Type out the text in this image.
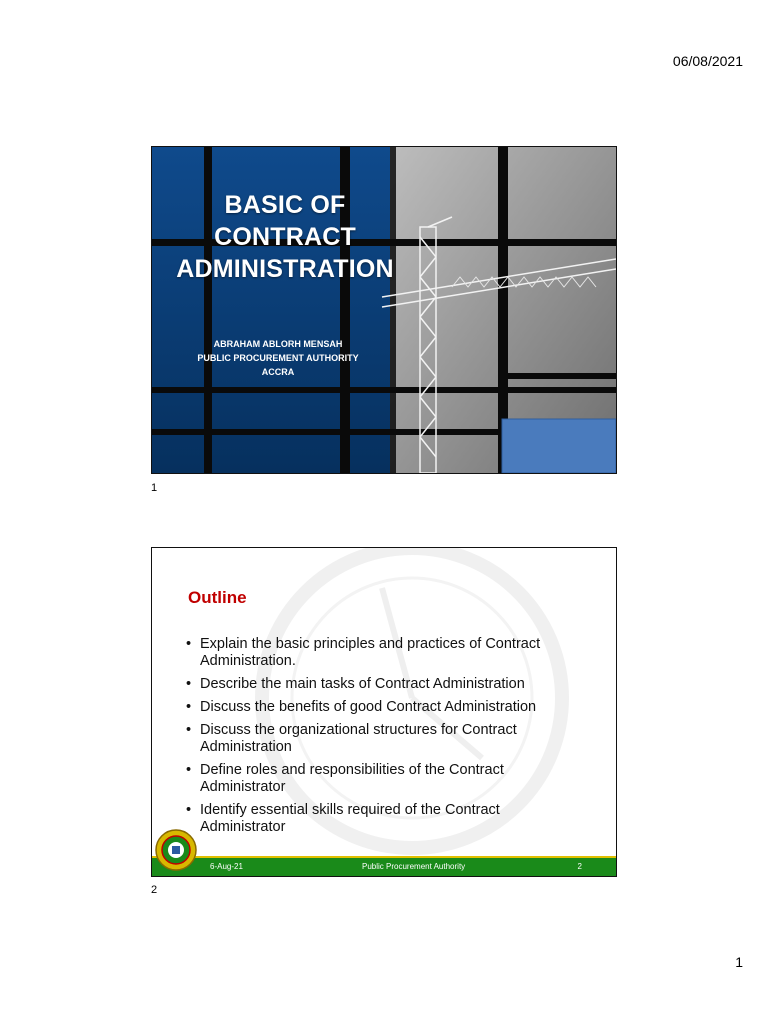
06/08/2021
BASIC OF
CONTRACT
ADMINISTRATION
ABRAHAM ABLORH MENSAH
PUBLIC PROCUREMENT AUTHORITY
ACCRA
1
Outline
• Explain the basic principles and practices of Contract Administration.
• Describe the main tasks of Contract Administration
• Discuss the benefits of good Contract Administration
• Discuss the organizational structures for Contract Administration
• Define roles and responsibilities of the Contract Administrator
• Identify essential skills required of the Contract Administrator
6-Aug-21	Public Procurement Authority	2
2
1
